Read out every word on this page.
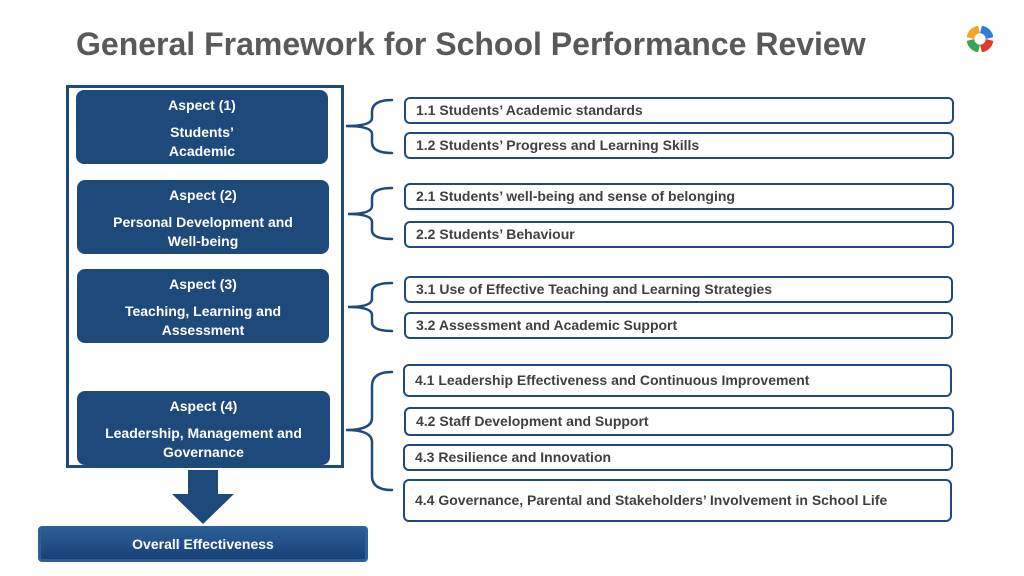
General Framework for School Performance Review
Aspect (1)
Students’ Academic Achievement
Aspect (2)
Personal Development and Well-being
Aspect (3)
Teaching, Learning and Assessment
Aspect (4)
Leadership, Management and Governance
1.1 Students’ Academic standards
1.2 Students’ Progress and Learning Skills
2.1 Students’ well-being and sense of belonging
2.2 Students’ Behaviour
3.1 Use of Effective Teaching and Learning Strategies
3.2 Assessment and Academic Support
4.1 Leadership Effectiveness and Continuous Improvement
4.2 Staff Development and Support
4.3 Resilience and Innovation
4.4 Governance, Parental and Stakeholders’ Involvement in School Life
Overall Effectiveness
